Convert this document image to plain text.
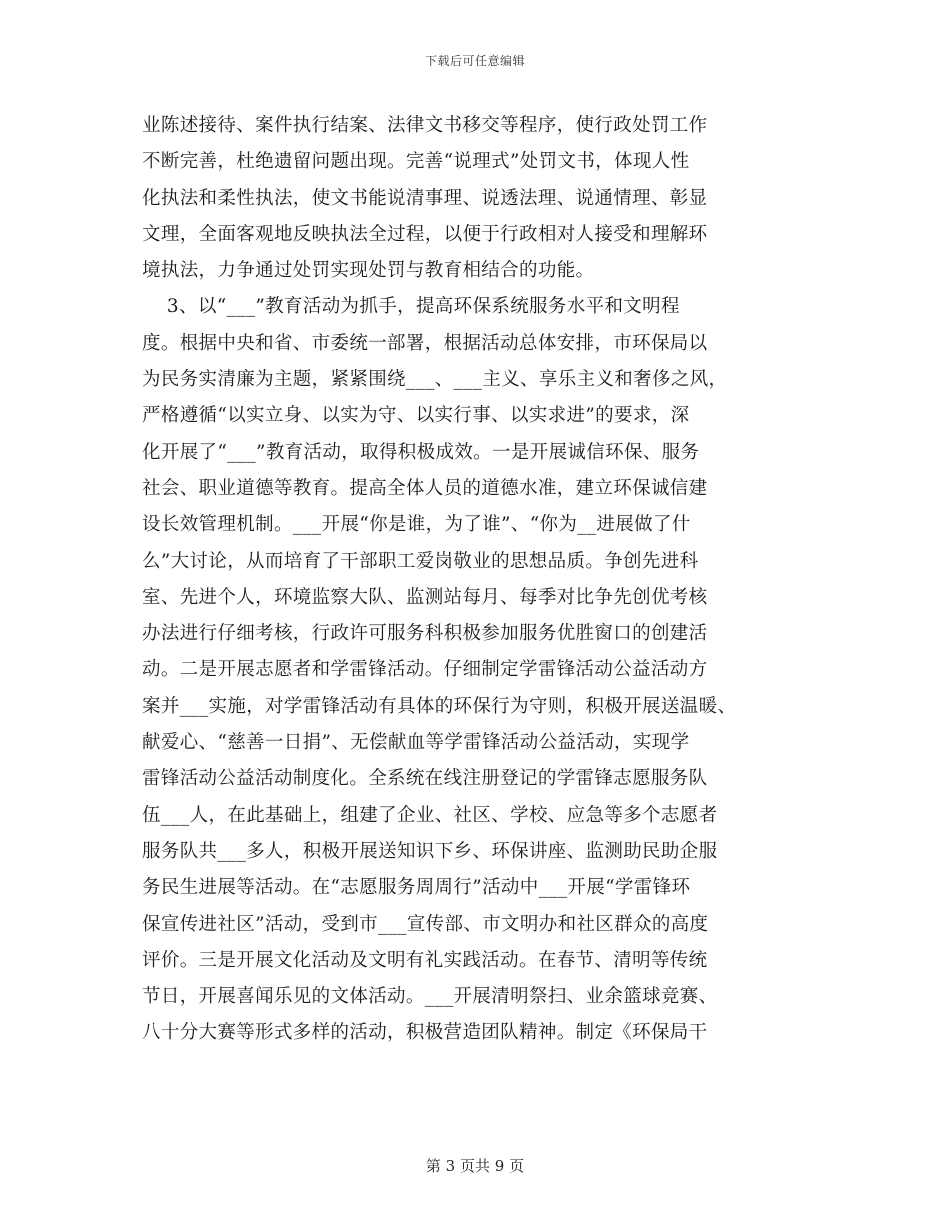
下载后可任意编辑
业陈述接待、案件执行结案、法律文书移交等程序，使行政处罚工作
不断完善，杜绝遗留问题出现。完善“说理式”处罚文书，体现人性
化执法和柔性执法，使文书能说清事理、说透法理、说通情理、彰显
文理，全面客观地反映执法全过程，以便于行政相对人接受和理解环
境执法，力争通过处罚实现处罚与教育相结合的功能。
3、以“___”教育活动为抓手，提高环保系统服务水平和文明程
度。根据中央和省、市委统一部署，根据活动总体安排，市环保局以
为民务实清廉为主题，紧紧围绕___、___主义、享乐主义和奢侈之风，
严格遵循“以实立身、以实为守、以实行事、以实求进”的要求，深
化开展了“___”教育活动，取得积极成效。一是开展诚信环保、服务
社会、职业道德等教育。提高全体人员的道德水准，建立环保诚信建
设长效管理机制。___开展“你是谁，为了谁”、“你为__进展做了什
么”大讨论，从而培育了干部职工爱岗敬业的思想品质。争创先进科
室、先进个人，环境监察大队、监测站每月、每季对比争先创优考核
办法进行仔细考核，行政许可服务科积极参加服务优胜窗口的创建活
动。二是开展志愿者和学雷锋活动。仔细制定学雷锋活动公益活动方
案并___实施，对学雷锋活动有具体的环保行为守则，积极开展送温暖、
献爱心、“慈善一日捐”、无偿献血等学雷锋活动公益活动，实现学
雷锋活动公益活动制度化。全系统在线注册登记的学雷锋志愿服务队
伍___人，在此基础上，组建了企业、社区、学校、应急等多个志愿者
服务队共___多人，积极开展送知识下乡、环保讲座、监测助民助企服
务民生进展等活动。在“志愿服务周周行”活动中___开展“学雷锋环
保宣传进社区”活动，受到市___宣传部、市文明办和社区群众的高度
评价。三是开展文化活动及文明有礼实践活动。在春节、清明等传统
节日，开展喜闻乐见的文体活动。___开展清明祭扫、业余篮球竞赛、
八十分大赛等形式多样的活动，积极营造团队精神。制定《环保局干
第 3 页共 9 页
